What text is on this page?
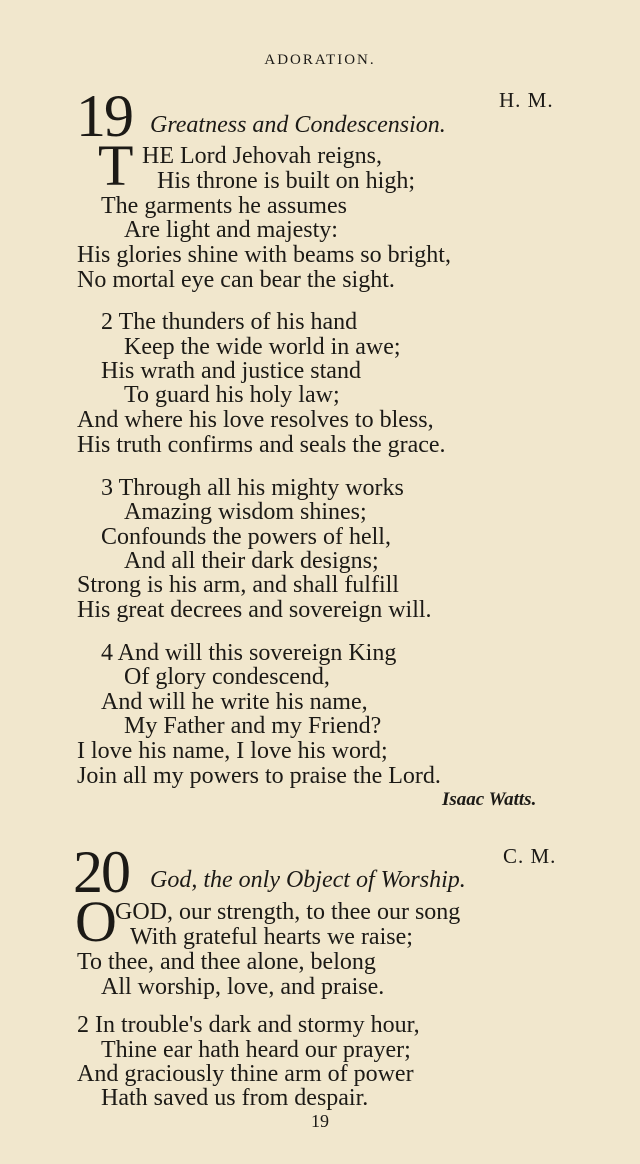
ADORATION.
19	H. M.
Greatness and Condescension.
T HE Lord Jehovah reigns,
His throne is built on high;
The garments he assumes
Are light and majesty:
His glories shine with beams so bright,
No mortal eye can bear the sight.
2 The thunders of his hand
Keep the wide world in awe;
His wrath and justice stand
To guard his holy law;
And where his love resolves to bless,
His truth confirms and seals the grace.
3 Through all his mighty works
Amazing wisdom shines;
Confounds the powers of hell,
And all their dark designs;
Strong is his arm, and shall fulfill
His great decrees and sovereign will.
4 And will this sovereign King
Of glory condescend,
And will he write his name,
My Father and my Friend?
I love his name, I love his word;
Join all my powers to praise the Lord.
Isaac Watts.
20	C. M.
God, the only Object of Worship.
O
GOD, our strength, to thee our song
With grateful hearts we raise;
To thee, and thee alone, belong
All worship, love, and praise.
2 In trouble's dark and stormy hour,
Thine ear hath heard our prayer;
And graciously thine arm of power
Hath saved us from despair.
19
